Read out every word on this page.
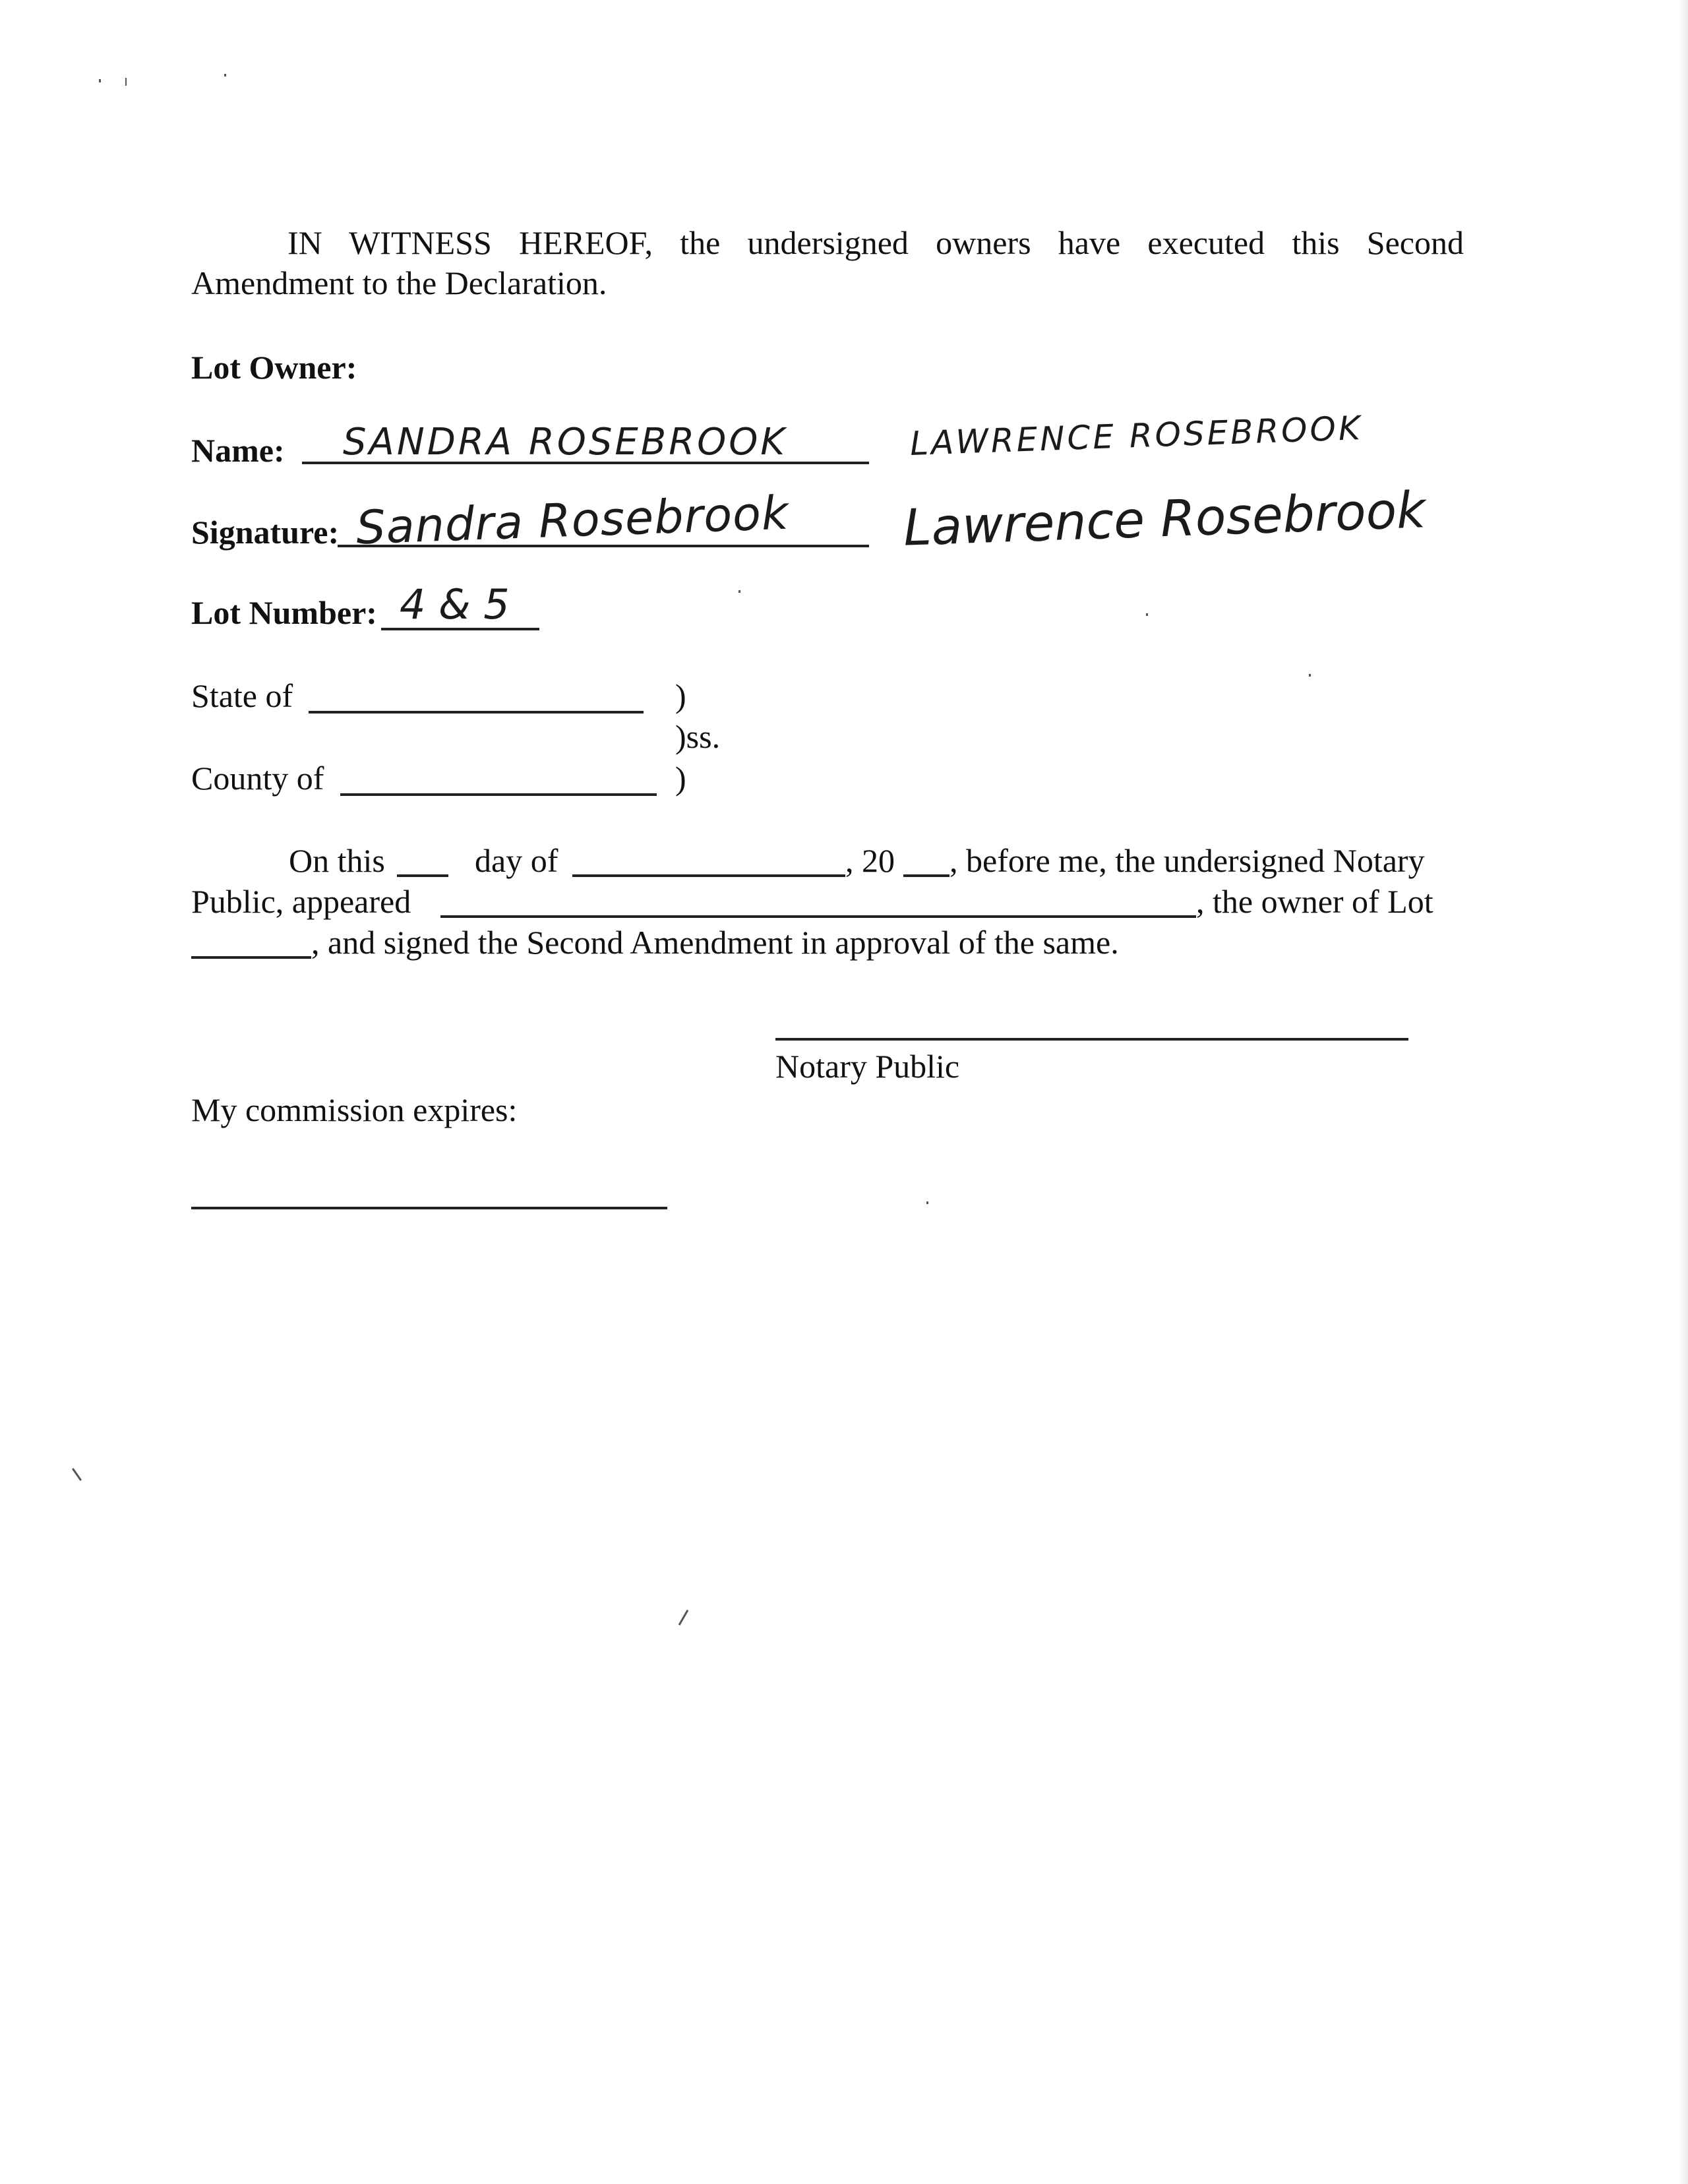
IN WITNESS HEREOF, the undersigned owners have executed this Second
Amendment to the Declaration.
Lot Owner:
Name: SANDRA ROSEBROOK	LAWRENCE ROSEBROOK
Signature: Sandra Rosebrook Lawrence Rosebrook
Lot Number: 4 & 5
State of	)
)ss.
County of	)
On this	day of	, 20 , before me, the undersigned Notary
Public, appeared	, the owner of Lot
, and signed the Second Amendment in approval of the same.
Notary Public
My commission expires:
